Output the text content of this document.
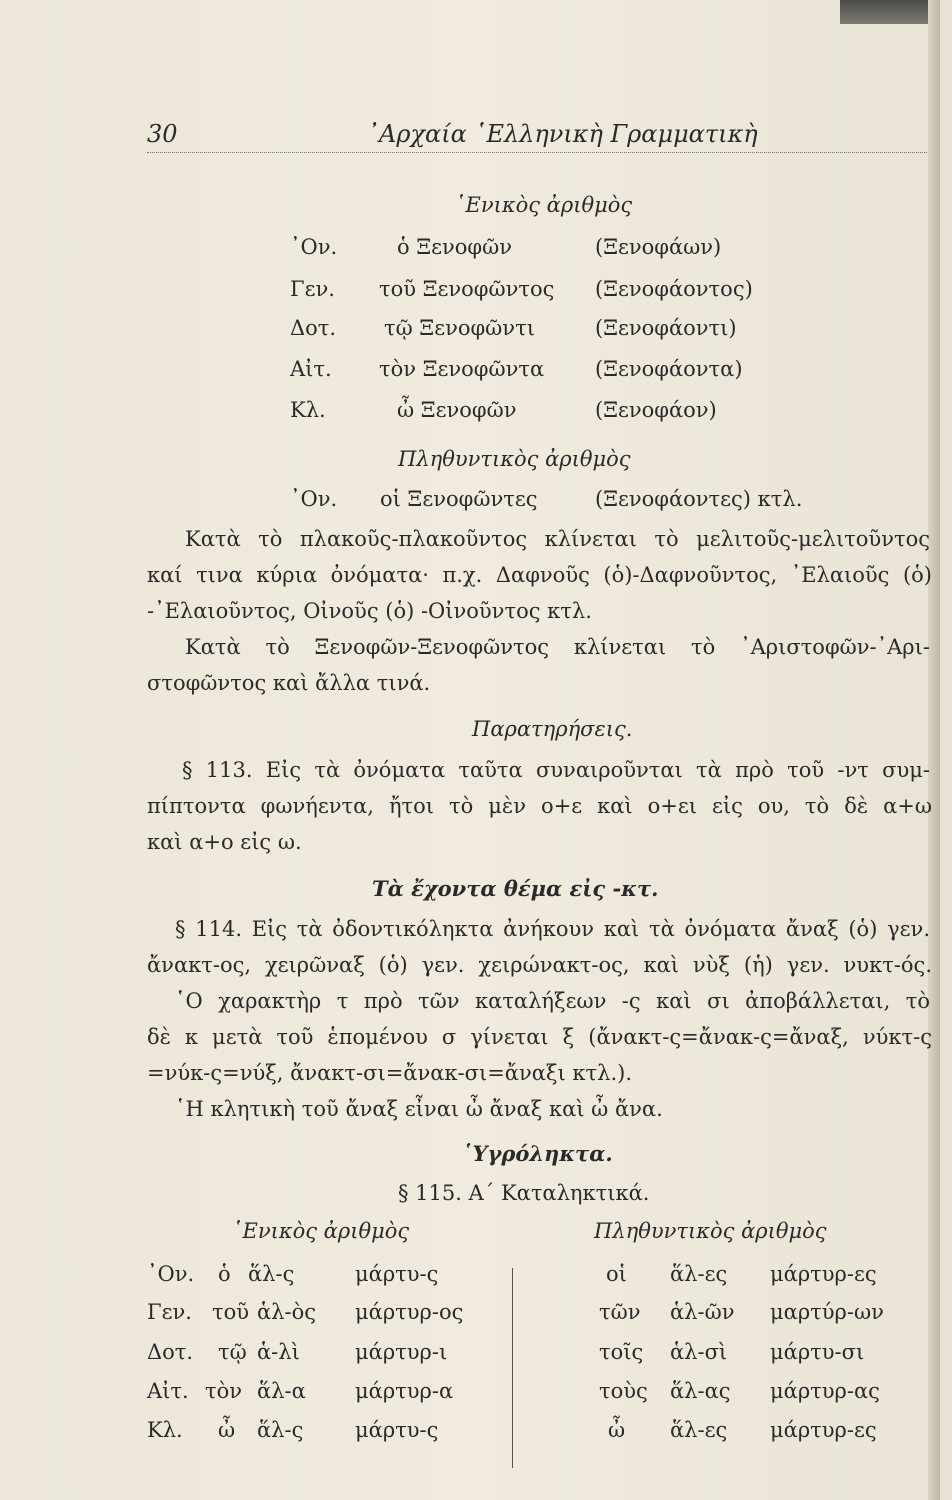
30	᾿Αρχαία ῾Ελληνικὴ Γραμματικὴ
῾Ενικὸς ἀριθμὸς
᾿Ον.	ὁ Ξενοφῶν	(Ξενοφάων)
Γεν. τοῦ Ξενοφῶντος (Ξενοφάοντος)
Δοτ. τῷ Ξενοφῶντι	(Ξενοφάοντι)
Αἰτ. τὸν Ξενοφῶντα (Ξενοφάοντα)
Κλ.	ὦ Ξενοφῶν	(Ξενοφάον)
Πληθυντικὸς ἀριθμὸς
᾿Ον. οἱ Ξενοφῶντες	(Ξενοφάοντες) κτλ.
Κατὰ τὸ πλακοῦς-πλακοῦντος κλίνεται τὸ μελιτοῦς-μελιτοῦντος
καί τινα κύρια ὀνόματα· π.χ. Δαφνοῦς (ὁ)-Δαφνοῦντος, ᾿Ελαιοῦς (ὁ)
-᾿Ελαιοῦντος, Οἰνοῦς (ὁ) -Οἰνοῦντος κτλ.
Κατὰ τὸ Ξενοφῶν-Ξενοφῶντος κλίνεται τὸ ᾿Αριστοφῶν-᾿Αρι-
στοφῶντος καὶ ἄλλα τινά.
Παρατηρήσεις.
§ 113. Εἰς τὰ ὀνόματα ταῦτα συναιροῦνται τὰ πρὸ τοῦ -ντ συμ-
πίπτοντα φωνήεντα, ἤτοι τὸ μὲν ο+ε καὶ ο+ει εἰς ου, τὸ δὲ α+ω
καὶ α+ο εἰς ω.
Τὰ ἔχοντα θέμα εἰς -κτ.
§ 114. Εἰς τὰ ὀδοντικόληκτα ἀνήκουν καὶ τὰ ὀνόματα ἄναξ (ὁ) γεν.
ἄνακτ-ος, χειρῶναξ (ὁ) γεν. χειρώνακτ-ος, καὶ νὺξ (ἡ) γεν. νυκτ-ός.
῾Ο χαρακτὴρ τ πρὸ τῶν καταλήξεων -ς καὶ σι ἀποβάλλεται, τὸ
δὲ κ μετὰ τοῦ ἑπομένου σ γίνεται ξ (ἄνακτ-ς=ἄνακ-ς=ἄναξ, νύκτ-ς
=νύκ-ς=νύξ, ἄνακτ-σι=ἄνακ-σι=ἄναξι κτλ.).
῾Η κλητικὴ τοῦ ἄναξ εἶναι ὦ ἄναξ καὶ ὦ ἄνα.
῾Υγρόληκτα.
§ 115. Α΄ Καταληκτικά.
῾Ενικὸς ἀριθμὸς	Πληθυντικὸς ἀριθμὸς
᾿Ον. ὁ ἅλ-ς	μάρτυ-ς	οἱ ἅλ-ες μάρτυρ-ες
Γεν. τοῦ ἁλ-ὸς μάρτυρ-ος	τῶν ἁλ-ῶν μαρτύρ-ων
Δοτ. τῷ ἁ-λὶ	μάρτυρ-ι	τοῖς ἁλ-σὶ μάρτυ-σι
Αἰτ. τὸν ἅλ-α μάρτυρ-α	τοὺς ἅλ-ας μάρτυρ-ας
Κλ. ὦ ἅλ-ς μάρτυ-ς	ὦ ἅλ-ες μάρτυρ-ες
